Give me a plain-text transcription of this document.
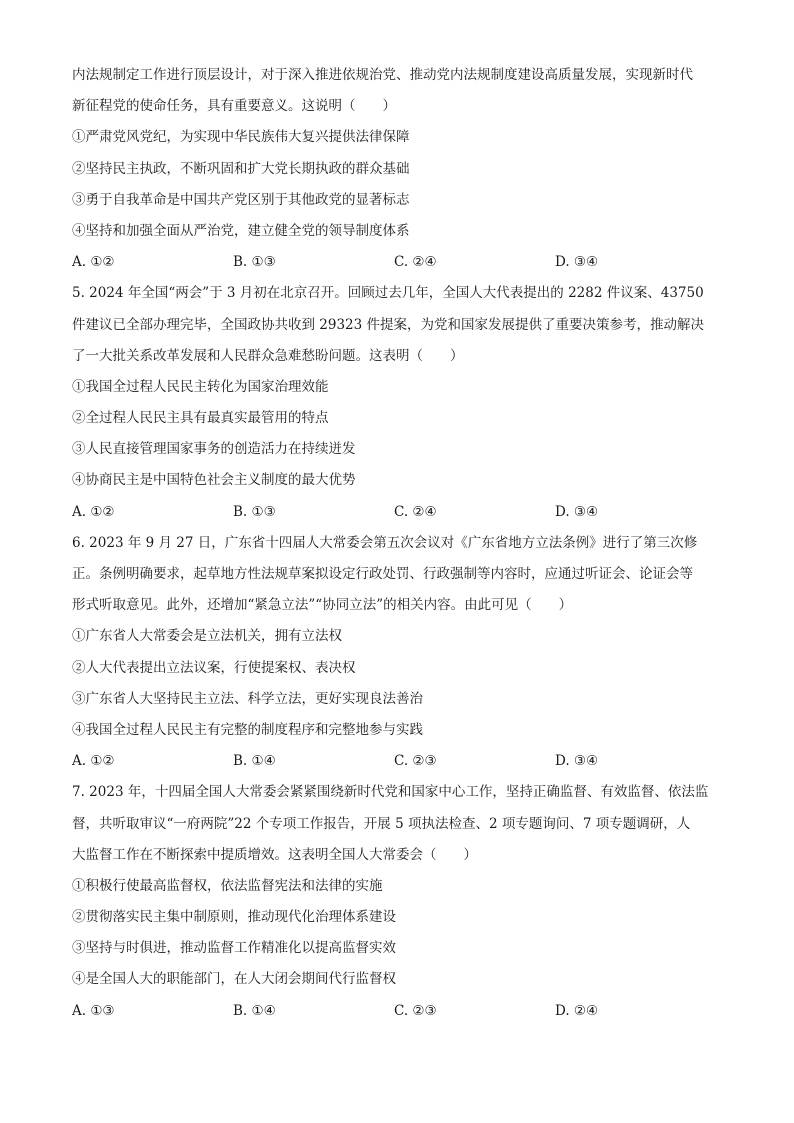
内法规制定工作进行顶层设计，对于深入推进依规治党、推动党内法规制度建设高质量发展，实现新时代
新征程党的使命任务，具有重要意义。这说明（　　）
①严肃党风党纪，为实现中华民族伟大复兴提供法律保障
②坚持民主执政，不断巩固和扩大党长期执政的群众基础
③勇于自我革命是中国共产党区别于其他政党的显著标志
④坚持和加强全面从严治党，建立健全党的领导制度体系
A. ①②	B. ①③	C. ②④	D. ③④
5. 2024 年全国“两会”于 3 月初在北京召开。回顾过去几年，全国人大代表提出的 2282 件议案、43750
件建议已全部办理完毕，全国政协共收到 29323 件提案，为党和国家发展提供了重要决策参考，推动解决
了一大批关系改革发展和人民群众急难愁盼问题。这表明（　　）
①我国全过程人民民主转化为国家治理效能
②全过程人民民主具有最真实最管用的特点
③人民直接管理国家事务的创造活力在持续迸发
④协商民主是中国特色社会主义制度的最大优势
A. ①②	B. ①③	C. ②④	D. ③④
6. 2023 年 9 月 27 日，广东省十四届人大常委会第五次会议对《广东省地方立法条例》进行了第三次修
正。条例明确要求，起草地方性法规草案拟设定行政处罚、行政强制等内容时，应通过听证会、论证会等
形式听取意见。此外，还增加“紧急立法”“协同立法”的相关内容。由此可见（　　）
①广东省人大常委会是立法机关，拥有立法权
②人大代表提出立法议案，行使提案权、表决权
③广东省人大坚持民主立法、科学立法，更好实现良法善治
④我国全过程人民民主有完整的制度程序和完整地参与实践
A. ①②	B. ①④	C. ②③	D. ③④
7. 2023 年，十四届全国人大常委会紧紧围绕新时代党和国家中心工作，坚持正确监督、有效监督、依法监
督，共听取审议“一府两院”22 个专项工作报告，开展 5 项执法检查、2 项专题询问、7 项专题调研，人
大监督工作在不断探索中提质增效。这表明全国人大常委会（　　）
①积极行使最高监督权，依法监督宪法和法律的实施
②贯彻落实民主集中制原则，推动现代化治理体系建设
③坚持与时俱进，推动监督工作精准化以提高监督实效
④是全国人大的职能部门，在人大闭会期间代行监督权
A. ①③	B. ①④	C. ②③	D. ②④
